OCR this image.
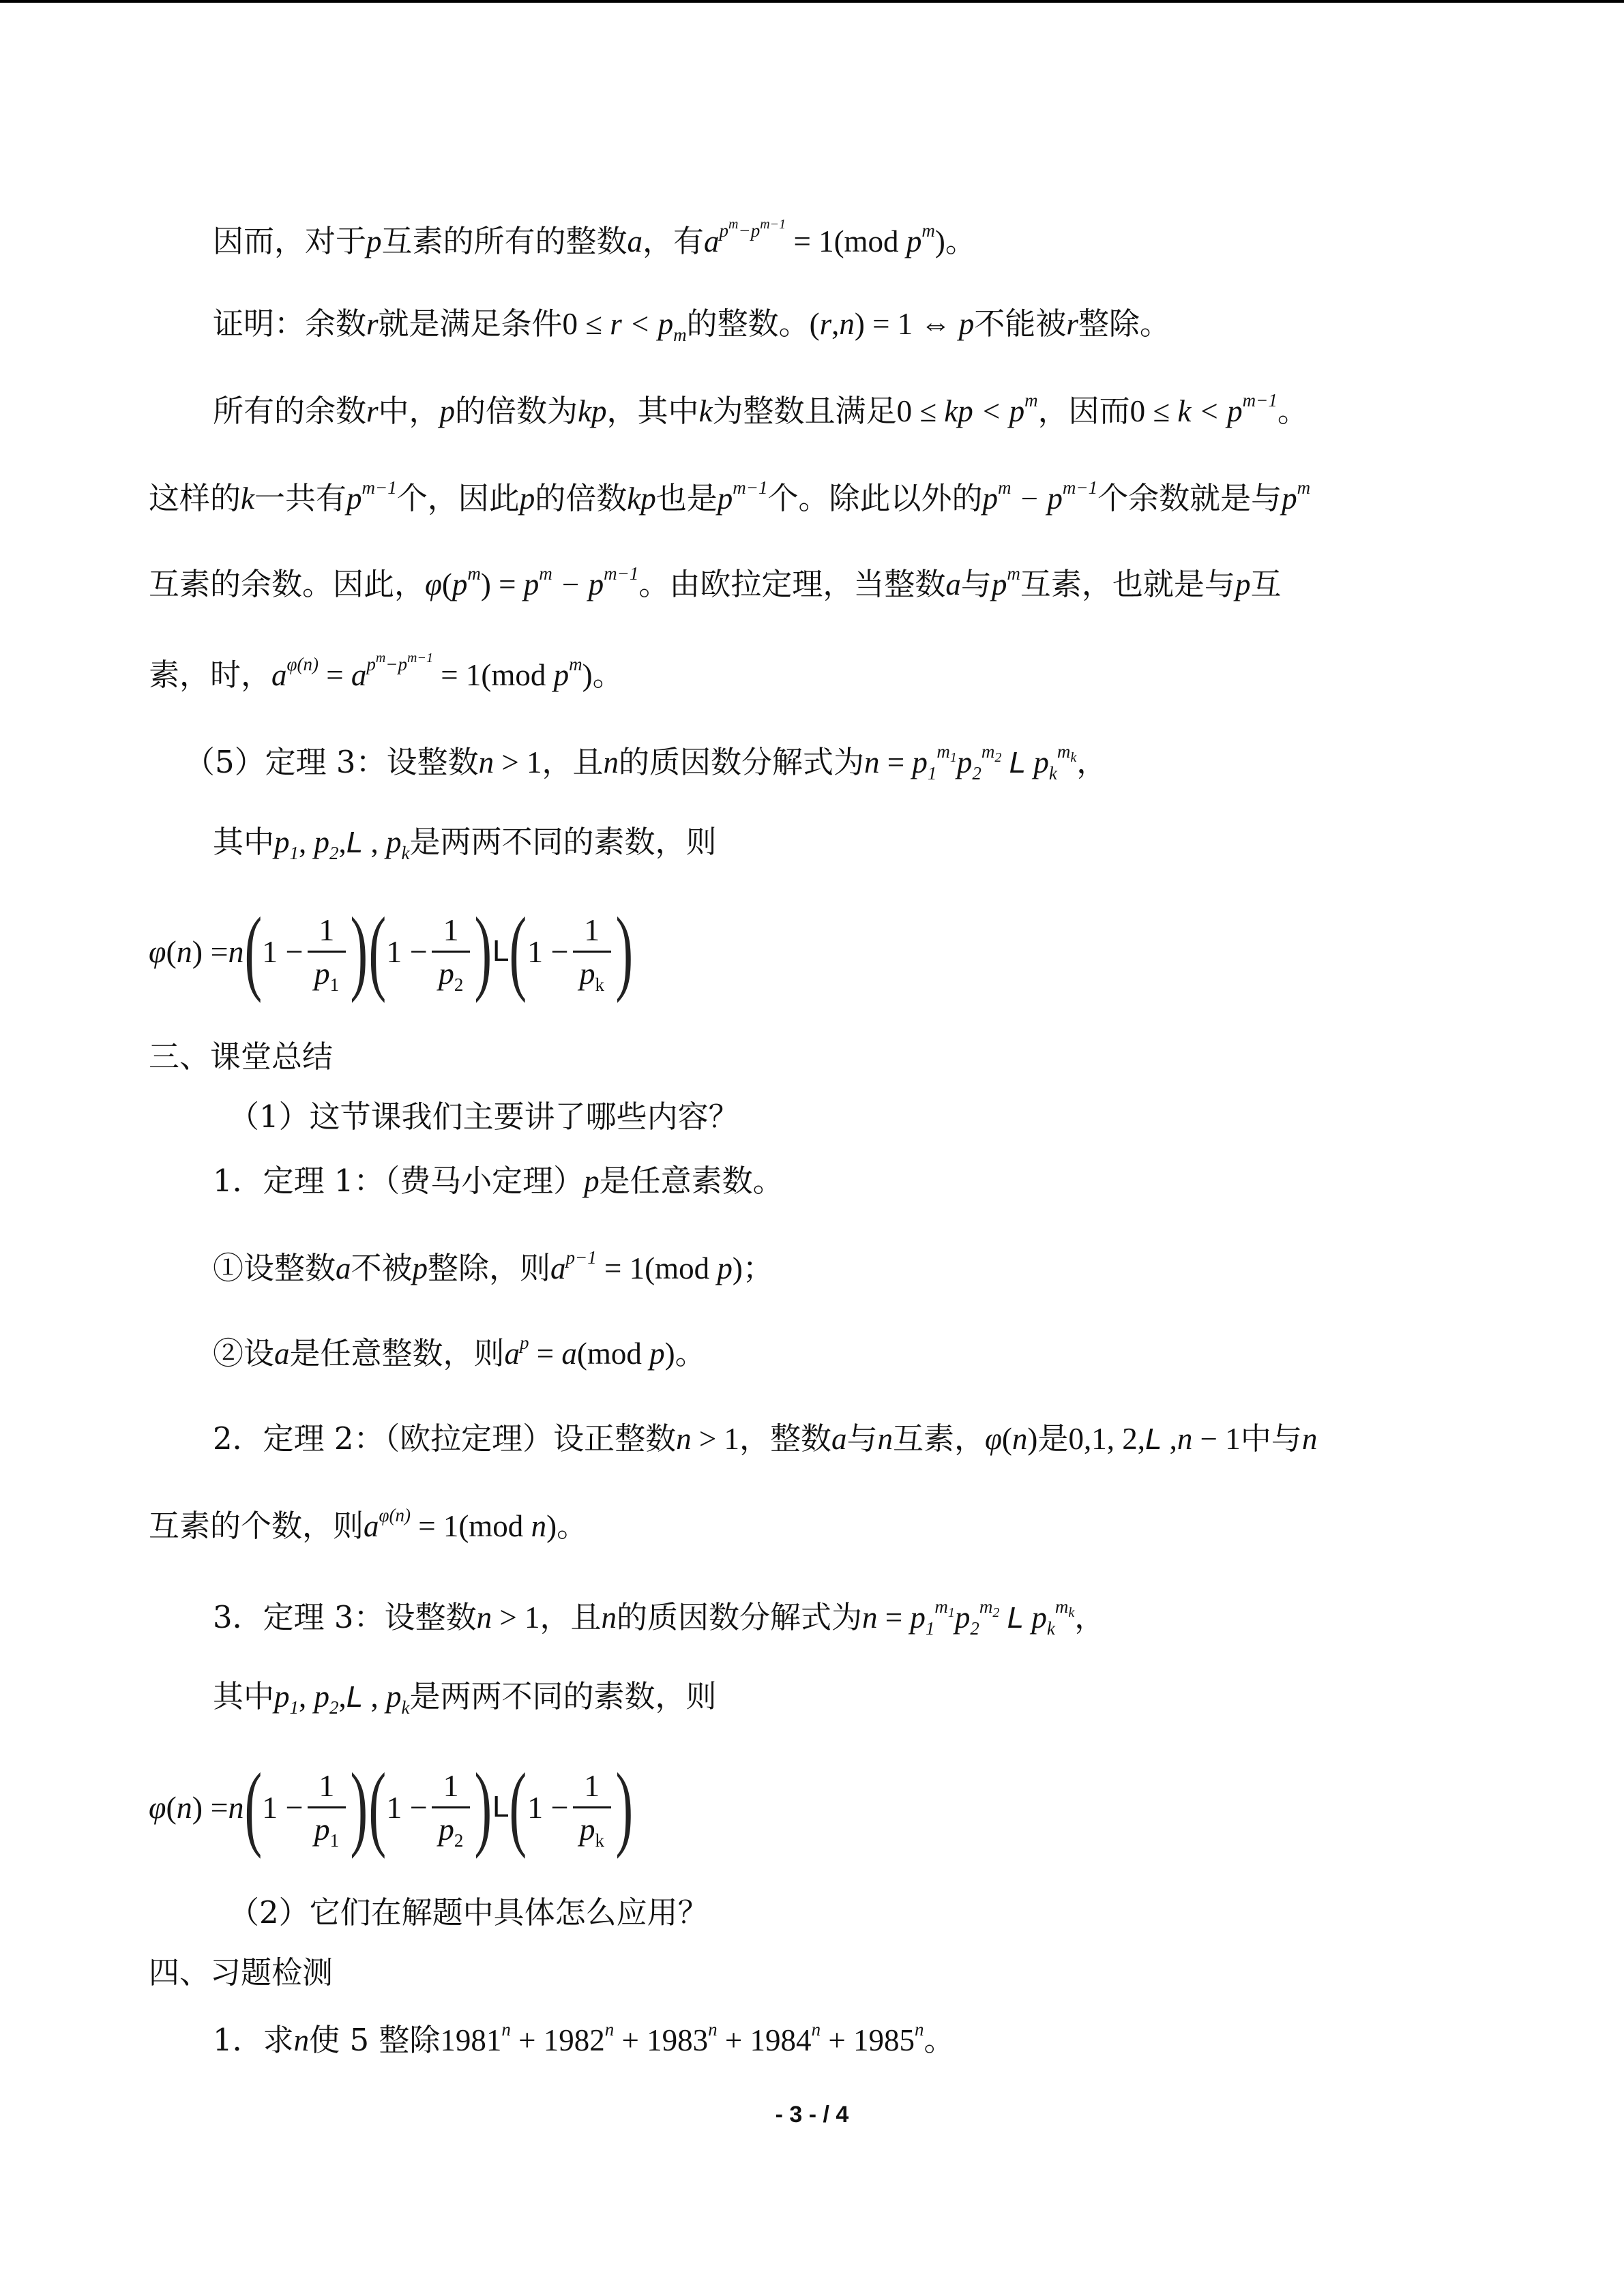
因而，对于p互素的所有的整数a，有$a^{p^m-p^{m-1}} = 1(mod$ $p^m$)。
证明：余数r就是满足条件$0 \le r < p_m$的整数。(r,n) = 1 ⇔ p不能被r整除。
所有的余数r中，p的倍数为kp，其中k为整数且满足0 ≤ kp < $p^m$，因而$0 \le k < p^{m-1}$。
这样的k一共有$p^{m-1}$个，因此p的倍数kp也是$p^{m-1}$个。除此以外的$p^m - p^{m-1}$个余数就是与$p^m$
互素的余数。因此，$\varphi(p^m) = p^m - p^{m-1}$。由欧拉定理，当整数a与$p^m$互素，也就是与p互
素，时，$a^{\varphi(n)} = a^{p^m-p^{m-1}} = 1(mod$ $p^m$)。
（5）定理 3：设整数n > 1，且n的质因数分解式为$n = p_1^{m_1}p_2^{m_2}$ L $p_k^{m_k}$，
其中$p_1$, $p_2,L$ , $p_k$是两两不同的素数，则
φ ( n ) = n ( $1 - \frac{1}{p_1}$ ) ( $1 - \frac{1}{p_2}$ ) L ( $1 - \frac{1}{p_k}$ )
三、课堂总结
（1）这节课我们主要讲了哪些内容？
1．定理 1：（费马小定理）p是任意素数。
①设整数a不被p整除，则$a^{p-1} = 1(mod$ p)；
②设a是任意整数，则$a^p = a(mod$ p)。
2．定理 2：（欧拉定理）设正整数n > 1，整数a与n互素，φ(n)是0,1, 2,L ,n − 1中与n
互素的个数，则$a^{\varphi(n)} = 1(mod$ n)。
3．定理 3：设整数n > 1，且n的质因数分解式为$n = p_1^{m_1}p_2^{m_2}$ L $p_k^{m_k}$，
其中$p_1$, $p_2,L$ , $p_k$是两两不同的素数，则
φ ( n ) = n ( $1 - \frac{1}{p_1}$ ) ( $1 - \frac{1}{p_2}$ ) L ( $1 - \frac{1}{p_k}$ )
（2）它们在解题中具体怎么应用？
四、习题检测
1．求n使 5 整除$1981^n + 1982^n + 1983^n + 1984^n + 1985^n$。
- 3 - / 4
